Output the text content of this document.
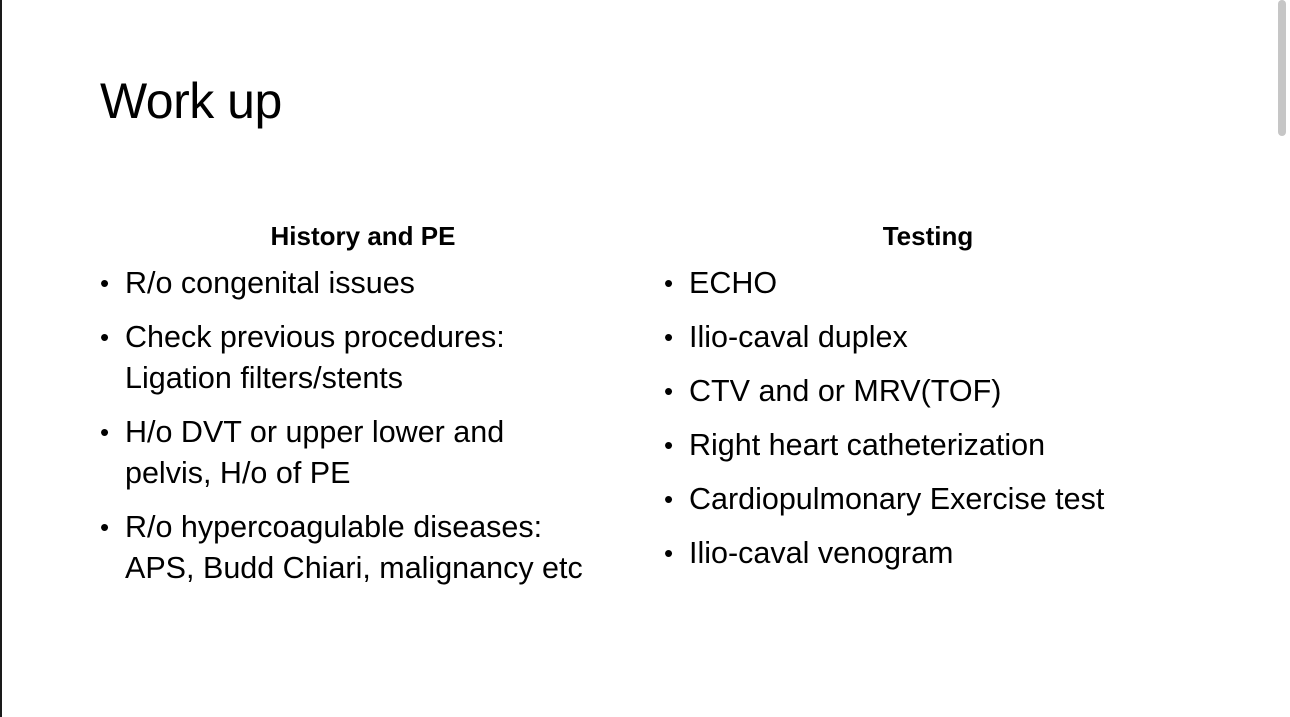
Work up
History and PE
• R/o congenital issues
• Check previous procedures:
Ligation filters/stents
• H/o DVT or upper lower and
pelvis, H/o of PE
• R/o hypercoagulable diseases:
APS, Budd Chiari, malignancy etc
Testing
• ECHO
• Ilio-caval duplex
• CTV and or MRV(TOF)
• Right heart catheterization
• Cardiopulmonary Exercise test
• Ilio-caval venogram
